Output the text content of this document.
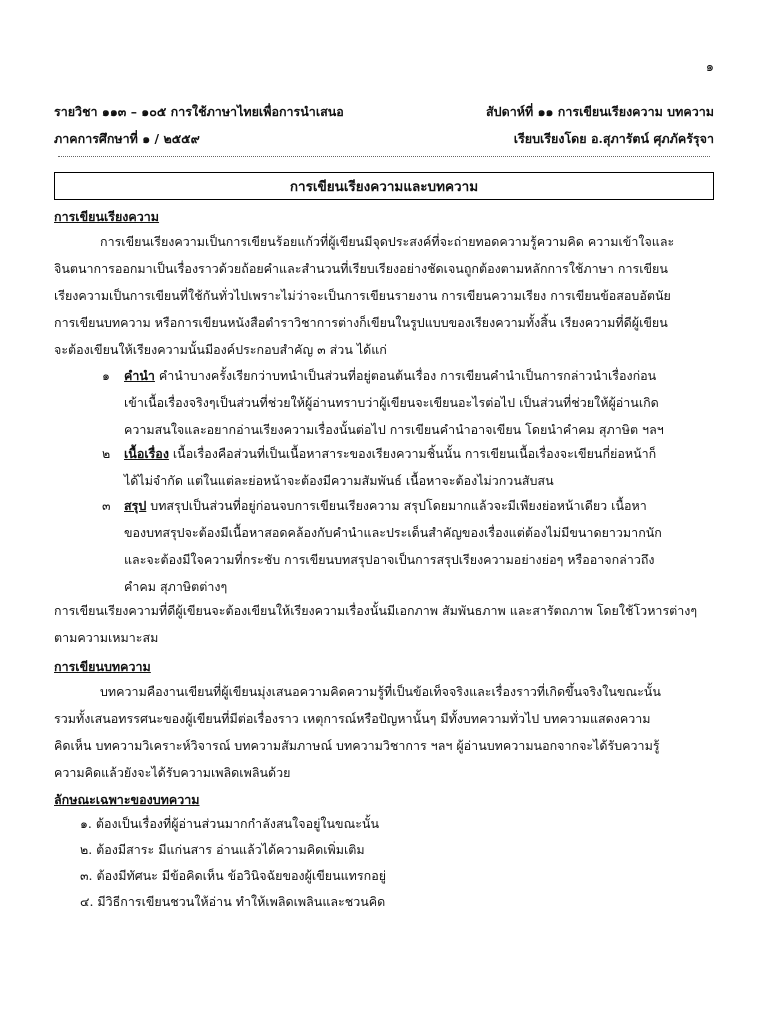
๑
รายวิชา ๑๑๓ – ๑๐๕ การใช้ภาษาไทยเพื่อการนำเสนอ	สัปดาห์ที่ ๑๑ การเขียนเรียงความ บทความ
ภาคการศึกษาที่ ๑ / ๒๕๕๙	เรียบเรียงโดย อ.สุภารัตน์ ศุภภัครัรุจา
การเขียนเรียงความและบทความ
การเขียนเรียงความ

การเขียนเรียงความเป็นการเขียนร้อยแก้วที่ผู้เขียนมีจุดประสงค์ที่จะถ่ายทอดความรู้ความคิด ความเข้าใจและ

จินตนาการออกมาเป็นเรื่องราวด้วยถ้อยคำและสำนวนที่เรียบเรียงอย่างชัดเจนถูกต้องตามหลักการใช้ภาษา การเขียน

เรียงความเป็นการเขียนที่ใช้กันทั่วไปเพราะไม่ว่าจะเป็นการเขียนรายงาน การเขียนความเรียง การเขียนข้อสอบอัตนัย

การเขียนบทความ หรือการเขียนหนังสือตำราวิชาการต่างก็เขียนในรูปแบบของเรียงความทั้งสิ้น เรียงความที่ดีผู้เขียน

จะต้องเขียนให้เรียงความนั้นมีองค์ประกอบสำคัญ ๓ ส่วน ได้แก่

๑ คำนำ คำนำบางครั้งเรียกว่าบทนำเป็นส่วนที่อยู่ตอนต้นเรื่อง การเขียนคำนำเป็นการกล่าวนำเรื่องก่อน
เข้าเนื้อเรื่องจริงๆเป็นส่วนที่ช่วยให้ผู้อ่านทราบว่าผู้เขียนจะเขียนอะไรต่อไป เป็นส่วนที่ช่วยให้ผู้อ่านเกิด
ความสนใจและอยากอ่านเรียงความเรื่องนั้นต่อไป การเขียนคำนำอาจเขียน โดยนำคำคม สุภาษิต ฯลฯ
๒ เนื้อเรื่อง เนื้อเรื่องคือส่วนที่เป็นเนื้อหาสาระของเรียงความชิ้นนั้น การเขียนเนื้อเรื่องจะเขียนกี่ย่อหน้าก็
ได้ไม่จำกัด แต่ในแต่ละย่อหน้าจะต้องมีความสัมพันธ์ เนื้อหาจะต้องไม่วกวนสับสน
๓ สรุป บทสรุปเป็นส่วนที่อยู่ก่อนจบการเขียนเรียงความ สรุปโดยมากแล้วจะมีเพียงย่อหน้าเดียว เนื้อหา
ของบทสรุปจะต้องมีเนื้อหาสอดคล้องกับคำนำและประเด็นสำคัญของเรื่องแต่ต้องไม่มีขนาดยาวมากนัก
และจะต้องมีใจความที่กระชับ การเขียนบทสรุปอาจเป็นการสรุปเรียงความอย่างย่อๆ หรืออาจกล่าวถึง
คำคม สุภาษิตต่างๆ

การเขียนเรียงความที่ดีผู้เขียนจะต้องเขียนให้เรียงความเรื่องนั้นมีเอกภาพ สัมพันธภาพ และสารัตถภาพ โดยใช้โวหารต่างๆ

ตามความเหมาะสม

การเขียนบทความ

บทความคืองานเขียนที่ผู้เขียนมุ่งเสนอความคิดความรู้ที่เป็นข้อเท็จจริงและเรื่องราวที่เกิดขึ้นจริงในขณะนั้น

รวมทั้งเสนอทรรศนะของผู้เขียนที่มีต่อเรื่องราว เหตุการณ์หรือปัญหานั้นๆ มีทั้งบทความทั่วไป บทความแสดงความ

คิดเห็น บทความวิเคราะห์วิจารณ์ บทความสัมภาษณ์ บทความวิชาการ ฯลฯ ผู้อ่านบทความนอกจากจะได้รับความรู้

ความคิดแล้วยังจะได้รับความเพลิดเพลินด้วย

ลักษณะเฉพาะของบทความ
๑. ต้องเป็นเรื่องที่ผู้อ่านส่วนมากกำลังสนใจอยู่ในขณะนั้น
๒. ต้องมีสาระ มีแก่นสาร อ่านแล้วได้ความคิดเพิ่มเติม
๓. ต้องมีทัศนะ มีข้อคิดเห็น ข้อวินิจฉัยของผู้เขียนแทรกอยู่
๔. มีวิธีการเขียนชวนให้อ่าน ทำให้เพลิดเพลินและชวนคิด
